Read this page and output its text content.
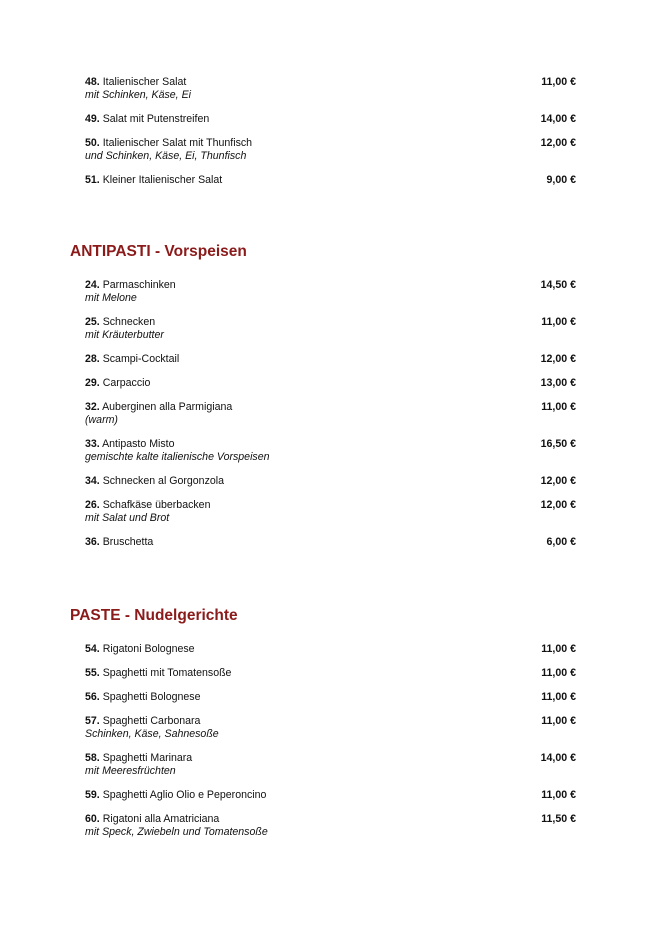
48. Italienischer Salat
mit Schinken, Käse, Ei
11,00 €
49. Salat mit Putenstreifen	14,00 €
50. Italienischer Salat mit Thunfisch
und Schinken, Käse, Ei, Thunfisch
12,00 €
51. Kleiner Italienischer Salat	9,00 €
ANTIPASTI - Vorspeisen
24. Parmaschinken
mit Melone
14,50 €
25. Schnecken
mit Kräuterbutter
11,00 €
28. Scampi-Cocktail	12,00 €
29. Carpaccio	13,00 €
32. Auberginen alla Parmigiana
(warm)
11,00 €
33. Antipasto Misto
gemischte kalte italienische Vorspeisen
16,50 €
34. Schnecken al Gorgonzola	12,00 €
26. Schafkäse überbacken
mit Salat und Brot
12,00 €
36. Bruschetta	6,00 €
PASTE - Nudelgerichte
54. Rigatoni Bolognese	11,00 €
55. Spaghetti mit Tomatensoße	11,00 €
56. Spaghetti Bolognese	11,00 €
57. Spaghetti Carbonara
Schinken, Käse, Sahnesoße
11,00 €
58. Spaghetti Marinara
mit Meeresfrüchten
14,00 €
59. Spaghetti Aglio Olio e Peperoncino	11,00 €
60. Rigatoni alla Amatriciana
mit Speck, Zwiebeln und Tomatensoße
11,50 €
